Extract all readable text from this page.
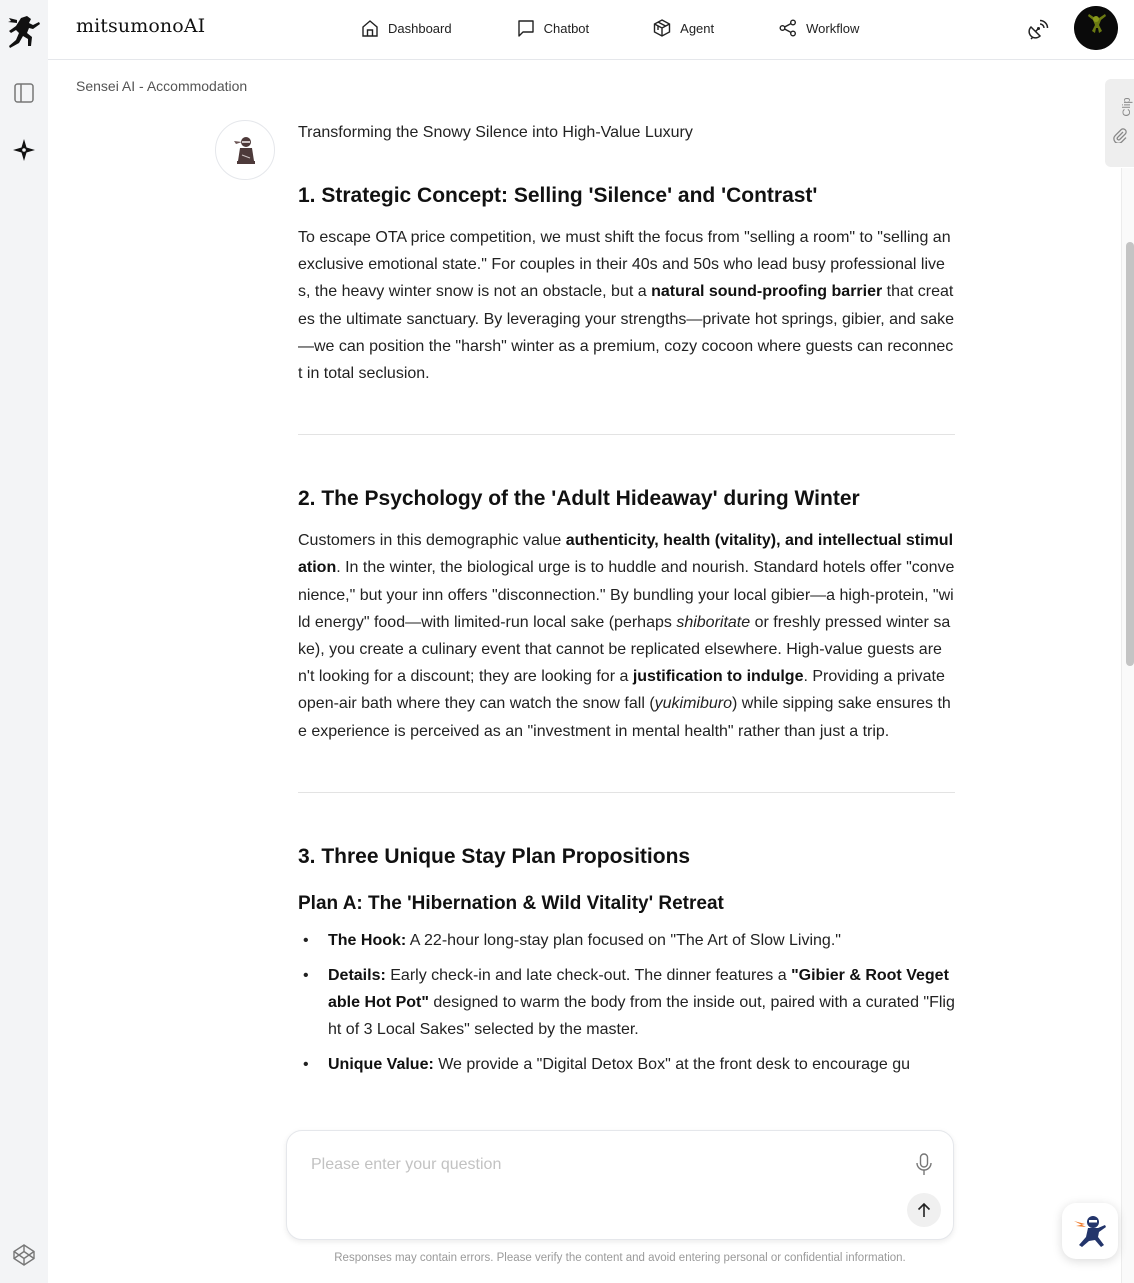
mitsumonoAI	Dashboard	Chatbot	Agent	Workflow
Sensei AI - Accommodation
Clip
Transforming the Snowy Silence into High-Value Luxury
1. Strategic Concept: Selling 'Silence' and 'Contrast'

To escape OTA price competition, we must shift the focus from "selling a room" to "selling an exclusive emotional state." For couples in their 40s and 50s who lead busy professional lives, the heavy winter snow is not an obstacle, but a natural sound-proofing barrier that creates the ultimate sanctuary. By leveraging your strengths—private hot springs, gibier, and sake—we can position the "harsh" winter as a premium, cozy cocoon where guests can reconnect in total seclusion.

2. The Psychology of the 'Adult Hideaway' during Winter

Customers in this demographic value authenticity, health (vitality), and intellectual stimulation. In the winter, the biological urge is to huddle and nourish. Standard hotels offer "convenience," but your inn offers "disconnection." By bundling your local gibier—a high-protein, "wild energy" food—with limited-run local sake (perhaps shiboritate or freshly pressed winter sake), you create a culinary event that cannot be replicated elsewhere. High-value guests aren't looking for a discount; they are looking for a justification to indulge. Providing a private open-air bath where they can watch the snow fall (yukimiburo) while sipping sake ensures the experience is perceived as an "investment in mental health" rather than just a trip.

3. Three Unique Stay Plan Propositions
Plan A: The 'Hibernation & Wild Vitality' Retreat
• The Hook: A 22-hour long-stay plan focused on "The Art of Slow Living."
• Details: Early check-in and late check-out. The dinner features a "Gibier & Root Vegetable Hot Pot" designed to warm the body from the inside out, paired with a curated "Flight of 3 Local Sakes" selected by the master.
• Unique Value: We provide a "Digital Detox Box" at the front desk to encourage gu
Please enter your question
Responses may contain errors. Please verify the content and avoid entering personal or confidential information.
